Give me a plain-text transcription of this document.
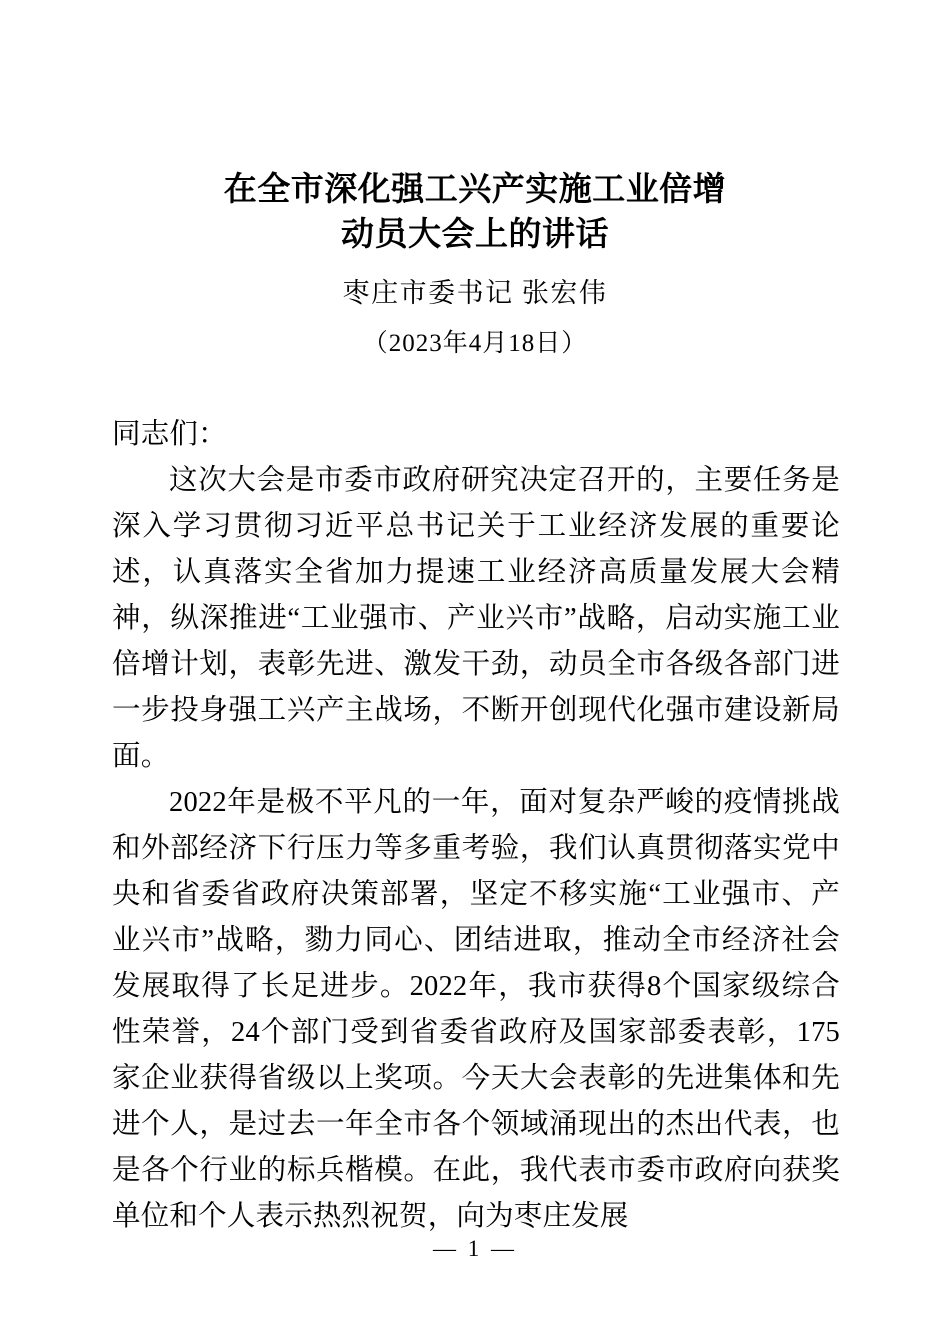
在全市深化强工兴产实施工业倍增
动员大会上的讲话
枣庄市委书记 张宏伟
（2023年4月18日）
同志们：

这次大会是市委市政府研究决定召开的，主要任务是深入学习贯彻习近平总书记关于工业经济发展的重要论述，认真落实全省加力提速工业经济高质量发展大会精神，纵深推进“工业强市、产业兴市”战略，启动实施工业倍增计划，表彰先进、激发干劲，动员全市各级各部门进一步投身强工兴产主战场，不断开创现代化强市建设新局面。

2022年是极不平凡的一年，面对复杂严峻的疫情挑战和外部经济下行压力等多重考验，我们认真贯彻落实党中央和省委省政府决策部署，坚定不移实施“工业强市、产业兴市”战略，勠力同心、团结进取，推动全市经济社会发展取得了长足进步。2022年，我市获得8个国家级综合性荣誉，24个部门受到省委省政府及国家部委表彰，175家企业获得省级以上奖项。今天大会表彰的先进集体和先进个人，是过去一年全市各个领域涌现出的杰出代表，也是各个行业的标兵楷模。在此，我代表市委市政府向获奖单位和个人表示热烈祝贺，向为枣庄发展

— 1 —
